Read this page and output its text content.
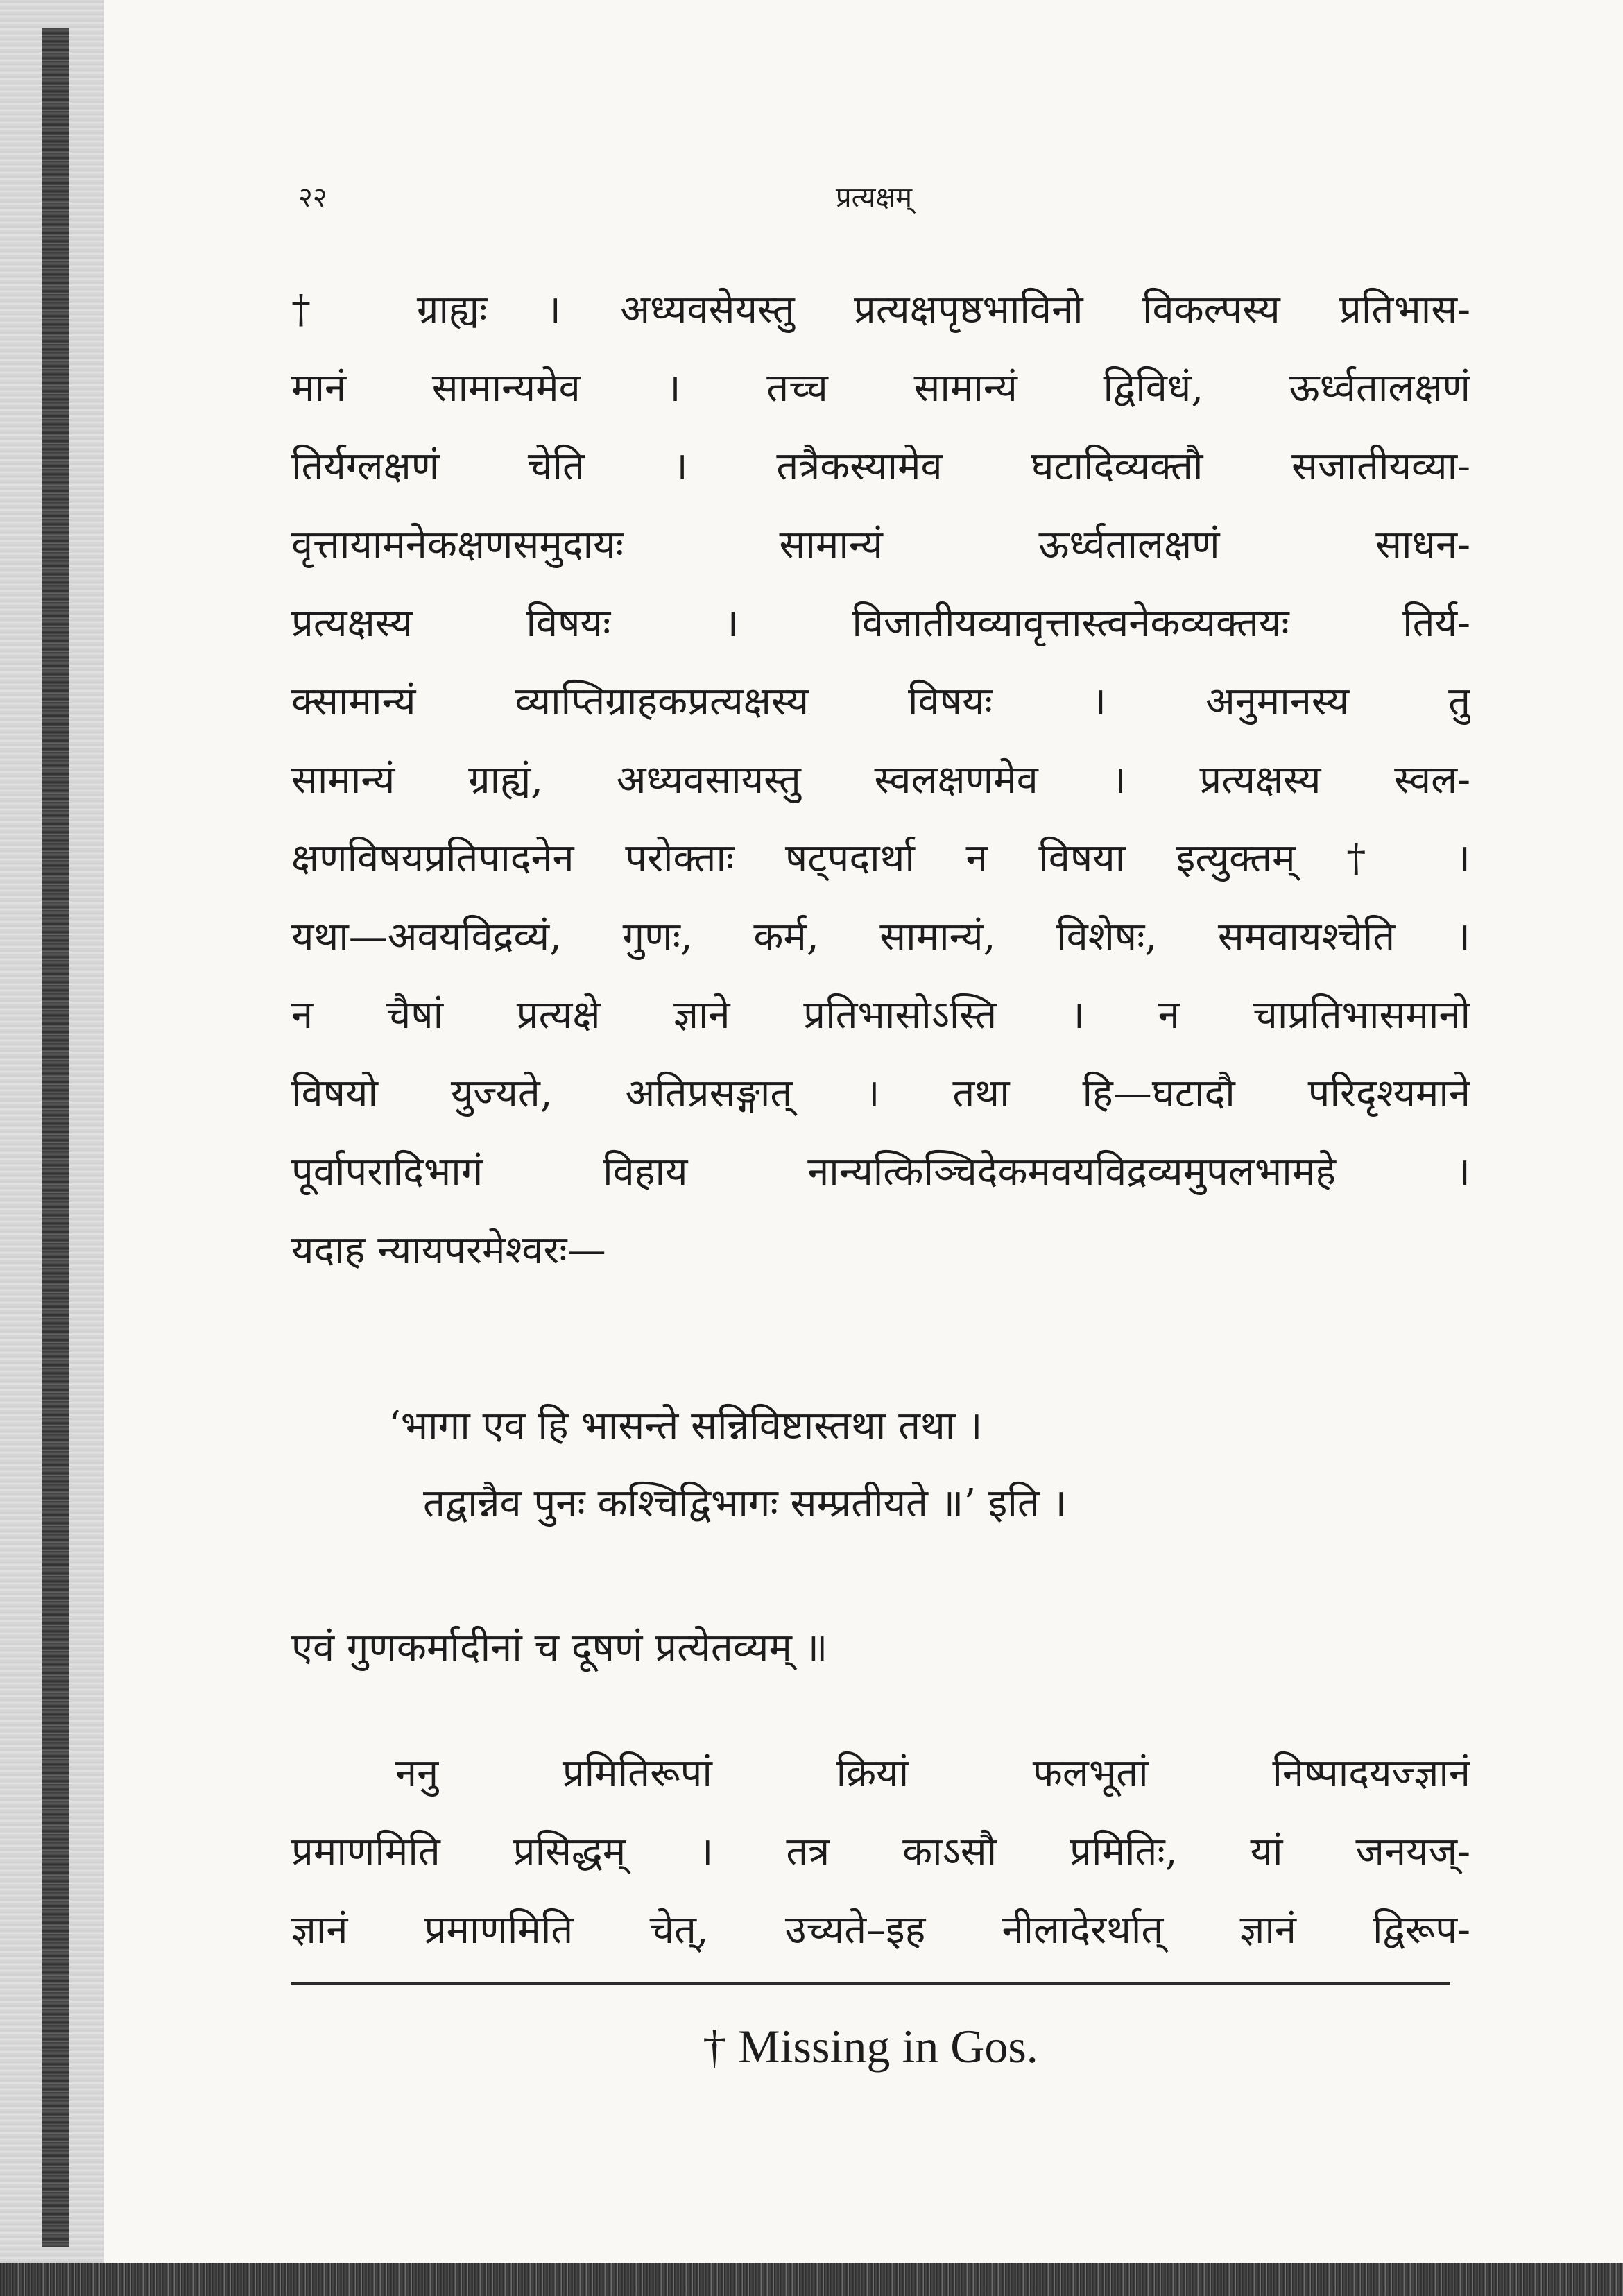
२२	प्रत्यक्षम्
† ग्राह्यः । अध्यवसेयस्तु प्रत्यक्षपृष्ठभाविनो विकल्पस्य प्रतिभास-
मानं सामान्यमेव । तच्च सामान्यं द्विविधं, ऊर्ध्वतालक्षणं
तिर्यग्लक्षणं चेति । तत्रैकस्यामेव घटादिव्यक्तौ सजातीयव्या-
वृत्तायामनेकक्षणसमुदायः सामान्यं ऊर्ध्वतालक्षणं साधन-
प्रत्यक्षस्य विषयः । विजातीयव्यावृत्तास्त्वनेकव्यक्तयः तिर्य-
क्सामान्यं व्याप्तिग्राहकप्रत्यक्षस्य विषयः । अनुमानस्य तु
सामान्यं ग्राह्यं, अध्यवसायस्तु स्वलक्षणमेव । प्रत्यक्षस्य स्वल-
क्षणविषयप्रतिपादनेन परोक्ताः षट्पदार्था न विषया इत्युक्तम् † ।
यथा—अवयविद्रव्यं, गुणः, कर्म, सामान्यं, विशेषः, समवायश्चेति ।
न चैषां प्रत्यक्षे ज्ञाने प्रतिभासोऽस्ति । न चाप्रतिभासमानो
विषयो युज्यते, अतिप्रसङ्गात् । तथा हि—घटादौ परिदृश्यमाने
पूर्वापरादिभागं विहाय नान्यत्किञ्चिदेकमवयविद्रव्यमुपलभामहे ।
यदाह न्यायपरमेश्वरः—
‘भागा एव हि भासन्ते सन्निविष्टास्तथा तथा ।
तद्वान्नैव पुनः कश्चिद्विभागः सम्प्रतीयते ॥’ इति ।
एवं गुणकर्मादीनां च दूषणं प्रत्येतव्यम् ॥
ननु प्रमितिरूपां क्रियां फलभूतां निष्पादयज्ज्ञानं
प्रमाणमिति प्रसिद्धम् । तत्र काऽसौ प्रमितिः, यां जनयज्-
ज्ञानं प्रमाणमिति चेत्, उच्यते–इह नीलादेरर्थात् ज्ञानं द्विरूप-
† Missing in Gos.
